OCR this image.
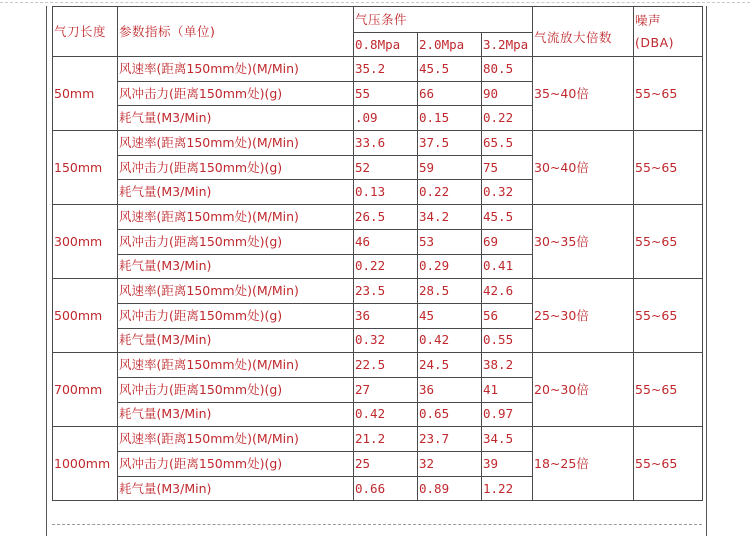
气刀长度	参数指标（单位)	气压条件			气流放大倍数	噪声
(DBA)
		0.8Mpa	2.0Mpa	3.2Mpa		
50mm	风速率(距离150mm处)(M/Min)	35.2	45.5	80.5	35~40倍	55~65
	风冲击力(距离150mm处)(g)	55	66	90		
	耗气量(M3/Min)	.09	0.15	0.22		
150mm	风速率(距离150mm处)(M/Min)	33.6	37.5	65.5	30~40倍	55~65
	风冲击力(距离150mm处)(g)	52	59	75		
	耗气量(M3/Min)	0.13	0.22	0.32		
300mm	风速率(距离150mm处)(M/Min)	26.5	34.2	45.5	30~35倍	55~65
	风冲击力(距离150mm处)(g)	46	53	69		
	耗气量(M3/Min)	0.22	0.29	0.41		
500mm	风速率(距离150mm处)(M/Min)	23.5	28.5	42.6	25~30倍	55~65
	风冲击力(距离150mm处)(g)	36	45	56		
	耗气量(M3/Min)	0.32	0.42	0.55		
700mm	风速率(距离150mm处)(M/Min)	22.5	24.5	38.2	20~30倍	55~65
	风冲击力(距离150mm处)(g)	27	36	41		
	耗气量(M3/Min)	0.42	0.65	0.97		
1000mm	风速率(距离150mm处)(M/Min)	21.2	23.7	34.5	18~25倍	55~65
	风冲击力(距离150mm处)(g)	25	32	39		
	耗气量(M3/Min)	0.66	0.89	1.22		
